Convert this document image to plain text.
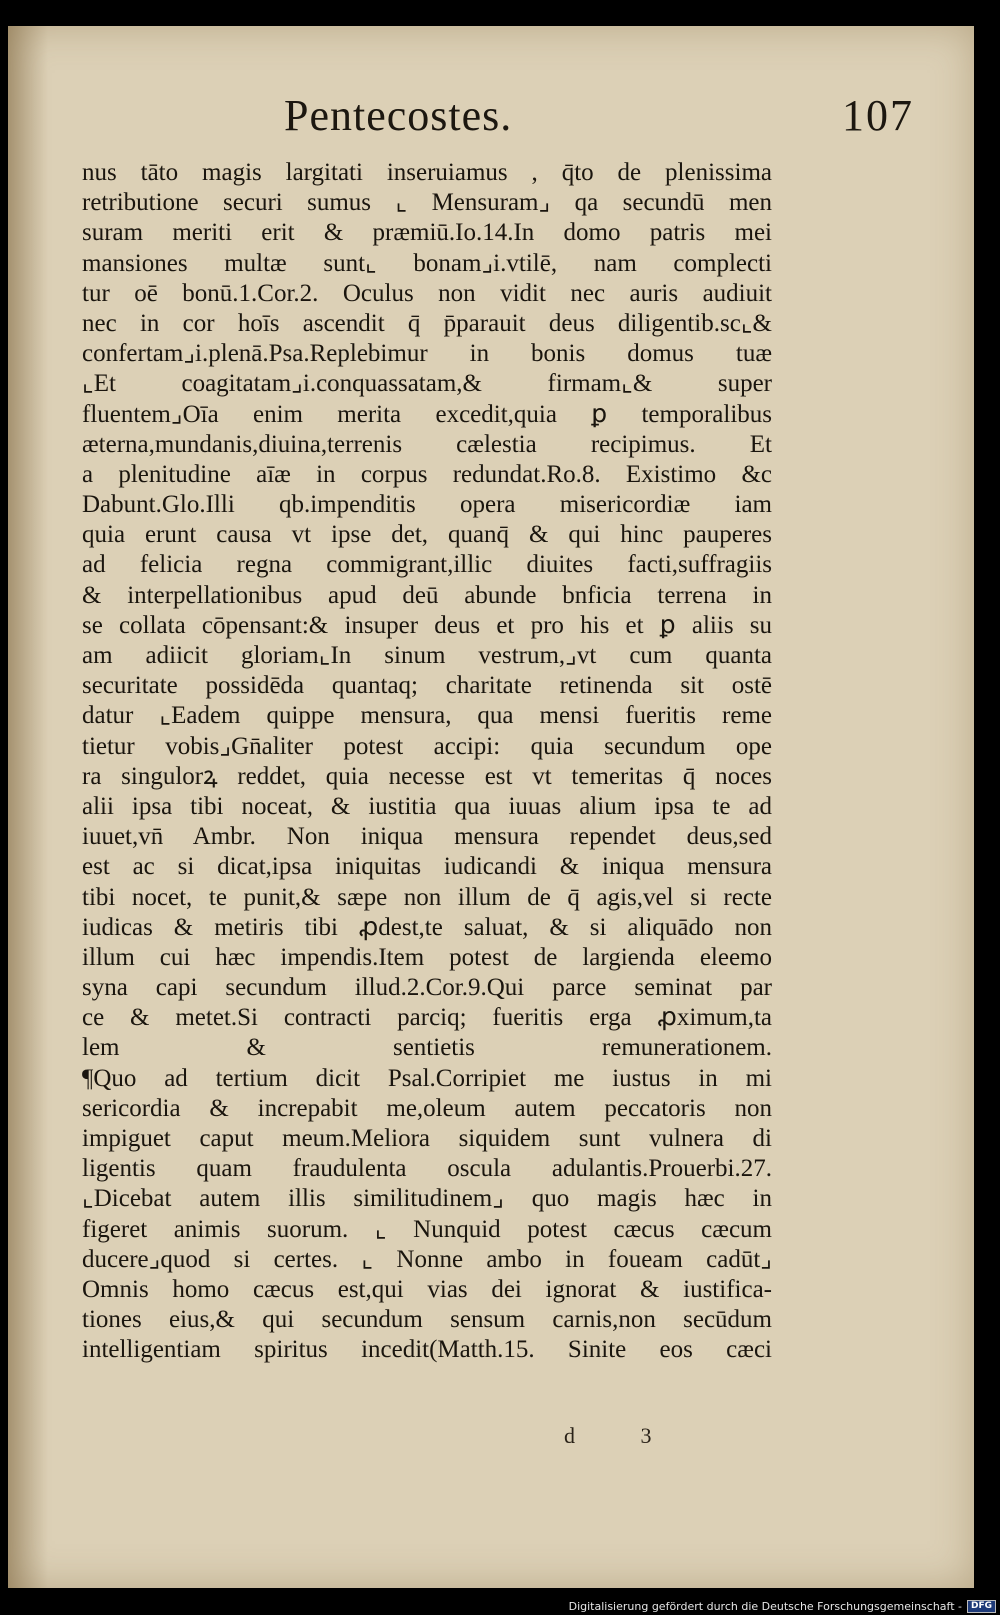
Pentecostes.	107
nus tāto magis largitati inseruiamus , q̄to de plenissima
retributione securi sumus ⌞ Mensuram⌟ qa secundū men
suram meriti erit & præmiū.Io.14.In domo patris mei
mansiones multæ sunt⌞ bonam⌟i.vtilē, nam complecti
tur oē bonū.1.Cor.2. Oculus non vidit nec auris audiuit
nec in cor hoīs ascendit q̄ p̄parauit deus diligentib.sc⌞&
confertam⌟i.plenā.Psa.Replebimur in bonis domus tuæ
⌞Et coagitatam⌟i.conquassatam,& firmam⌞& super
fluentem⌟Oīa enim merita excedit,quia ꝑ temporalibus
æterna,mundanis,diuina,terrenis cælestia recipimus. Et
a plenitudine aīæ in corpus redundat.Ro.8. Existimo &c
Dabunt.Glo.Illi qb.impenditis opera misericordiæ iam
quia erunt causa vt ipse det, quanq̄ & qui hinc pauperes
ad felicia regna commigrant,illic diuites facti,suffragiis
& interpellationibus apud deū abunde bnficia terrena in
se collata cōpensant:& insuper deus et pro his et ꝑ aliis su
am adiicit gloriam⌞In sinum vestrum,⌟vt cum quanta
securitate possidēda quantaq; charitate retinenda sit ostē
datur ⌞Eadem quippe mensura, qua mensi fueritis reme
tietur vobis⌟Gn̄aliter potest accipi: quia secundum ope
ra singulorꝝ reddet, quia necesse est vt temeritas q̄ noces
alii ipsa tibi noceat, & iustitia qua iuuas alium ipsa te ad
iuuet,vn̄ Ambr. Non iniqua mensura rependet deus,sed
est ac si dicat,ipsa iniquitas iudicandi & iniqua mensura
tibi nocet, te punit,& sæpe non illum de q̄ agis,vel si recte
iudicas & metiris tibi ꝓdest,te saluat, & si aliquādo non
illum cui hæc impendis.Item potest de largienda eleemo
syna capi secundum illud.2.Cor.9.Qui parce seminat par
ce & metet.Si contracti parciq; fueritis erga ꝓximum,ta
lem & sentietis remunerationem.
¶Quo ad tertium dicit Psal.Corripiet me iustus in mi
sericordia & increpabit me,oleum autem peccatoris non
impiguet caput meum.Meliora siquidem sunt vulnera di
ligentis quam fraudulenta oscula adulantis.Prouerbi.27.
⌞Dicebat autem illis similitudinem⌟ quo magis hæc in
figeret animis suorum. ⌞ Nunquid potest cæcus cæcum
ducere⌟quod si certes. ⌞ Nonne ambo in foueam cadūt⌟
Omnis homo cæcus est,qui vias dei ignorat & iustifica-
tiones eius,& qui secundum sensum carnis,non secūdum
intelligentiam spiritus incedit(Matth.15. Sinite eos cæci
d 3
Digitalisierung gefördert durch die Deutsche Forschungsgemeinschaft -	DFG
